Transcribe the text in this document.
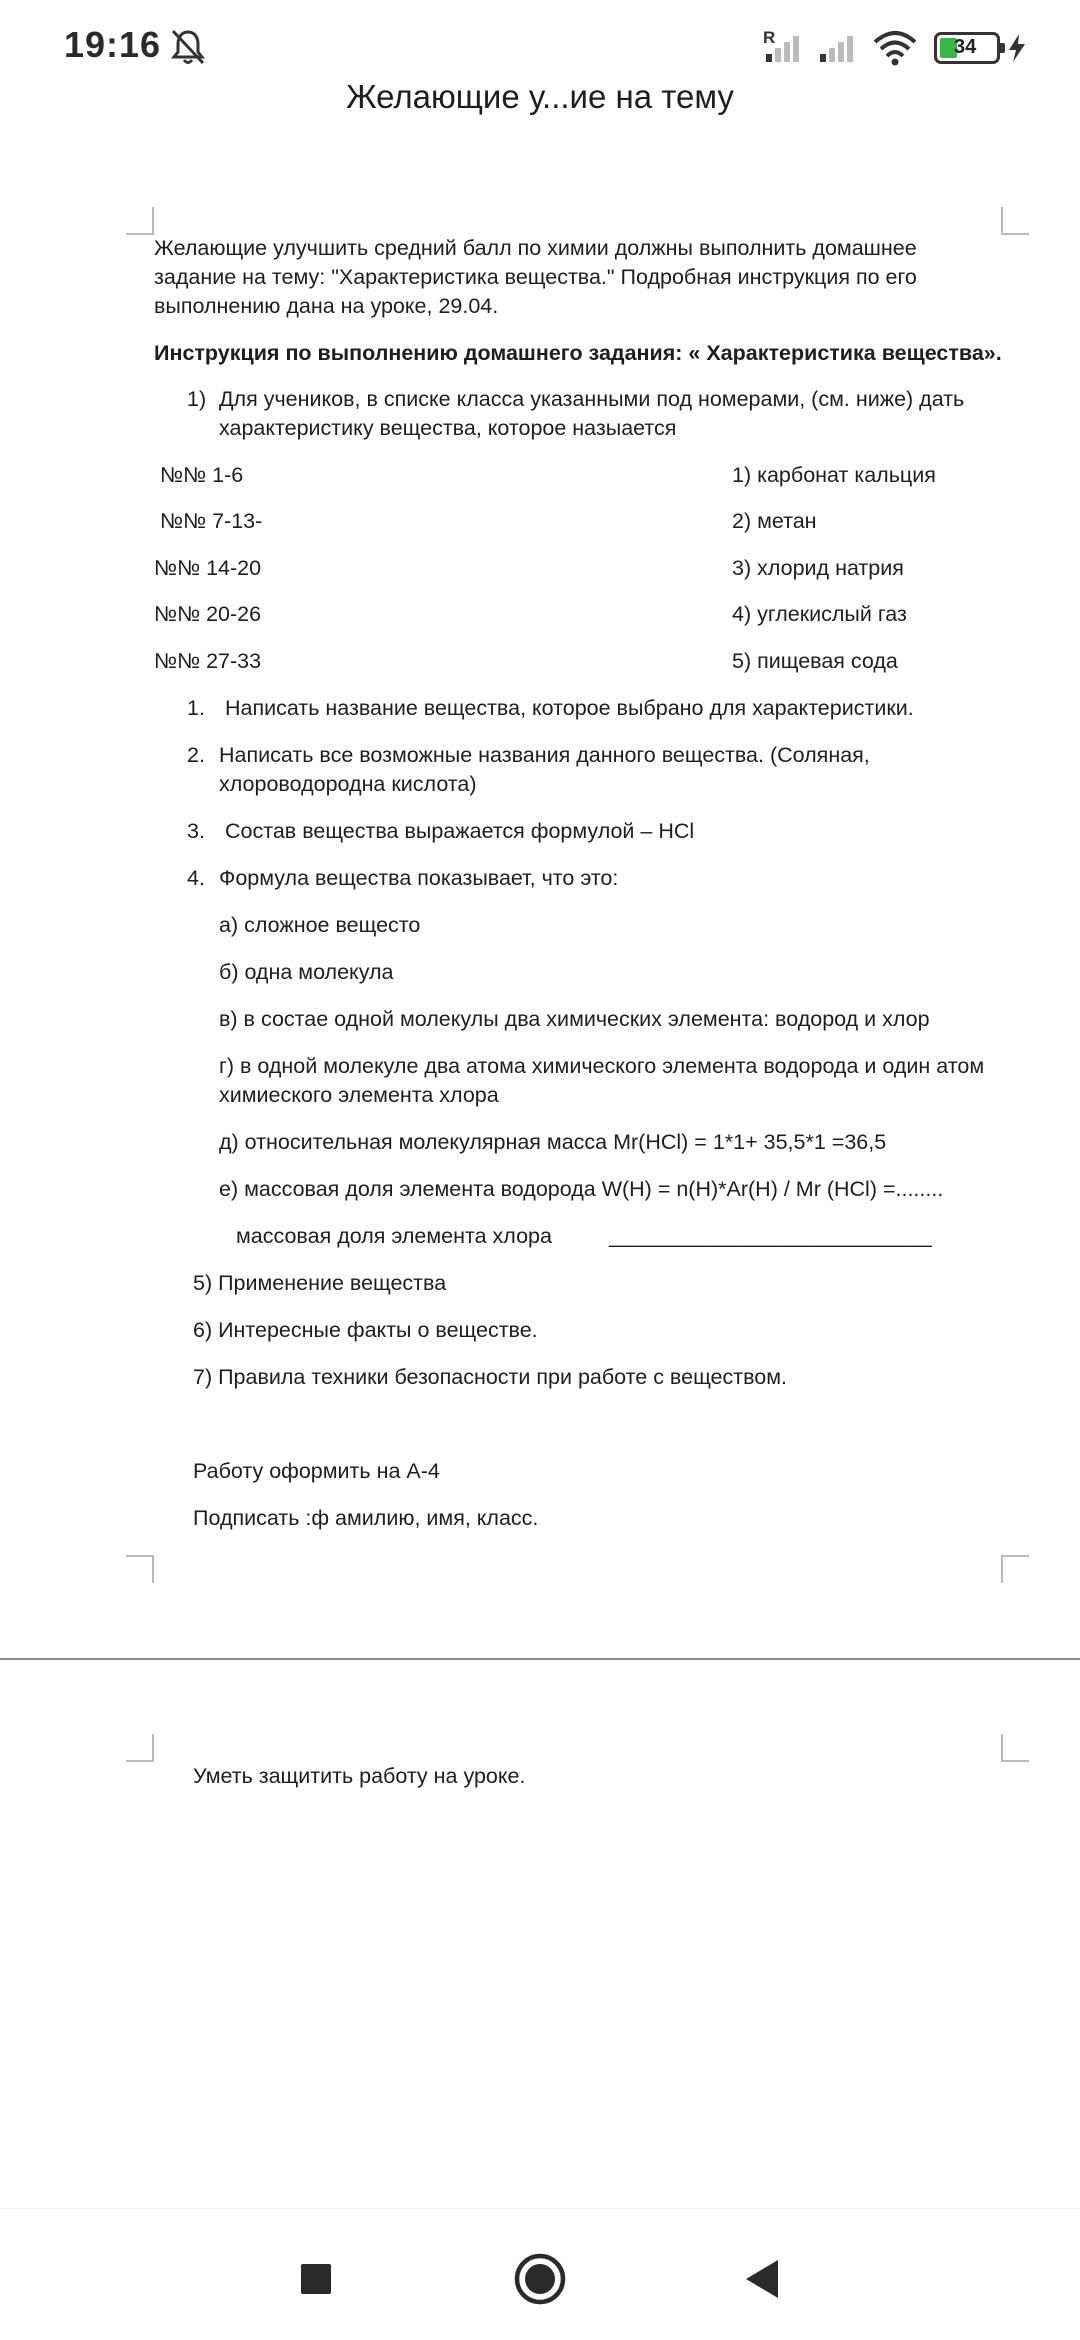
19:16	R	34
Желающие у...ие на тему
Желающие улучшить средний балл по химии должны выполнить домашнее задание на тему: "Характеристика вещества." Подробная инструкция по его выполнению дана на уроке, 29.04.
Инструкция по выполнению домашнего задания: « Характеристика вещества».
1) Для учеников, в списке класса указанными под номерами, (см. ниже) дать характеристику вещества, которое назыается
№№ 1-6	1) карбонат кальция
№№ 7-13-	2) метан
№№ 14-20	3) хлорид натрия
№№ 20-26	4) углекислый газ
№№ 27-33	5) пищевая сода
1. Написать название вещества, которое выбрано для характеристики.
2. Написать все возможные названия данного вещества. (Соляная, хлороводородна кислота)
3. Состав вещества выражается формулой – HCl
4. Формула вещества показывает, что это:
а) сложное вещесто
б) одна молекула
в) в состае одной молекулы два химических элемента: водород и хлор
г) в одной молекуле два атома химического элемента водорода и один атом химиеского элемента хлора
д) относительная молекулярная масса Mr(HCl) = 1*1+ 35,5*1 =36,5
е) массовая доля элемента водорода W(H) = n(H)*Ar(H) / Mr (HCl) =........
массовая доля элемента хлора	___________________________
5) Применение вещества
6) Интересные факты о веществе.
7) Правила техники безопасности при работе с веществом.
Работу оформить на А-4
Подписать :ф амилию, имя, класс.
Уметь защитить работу на уроке.
